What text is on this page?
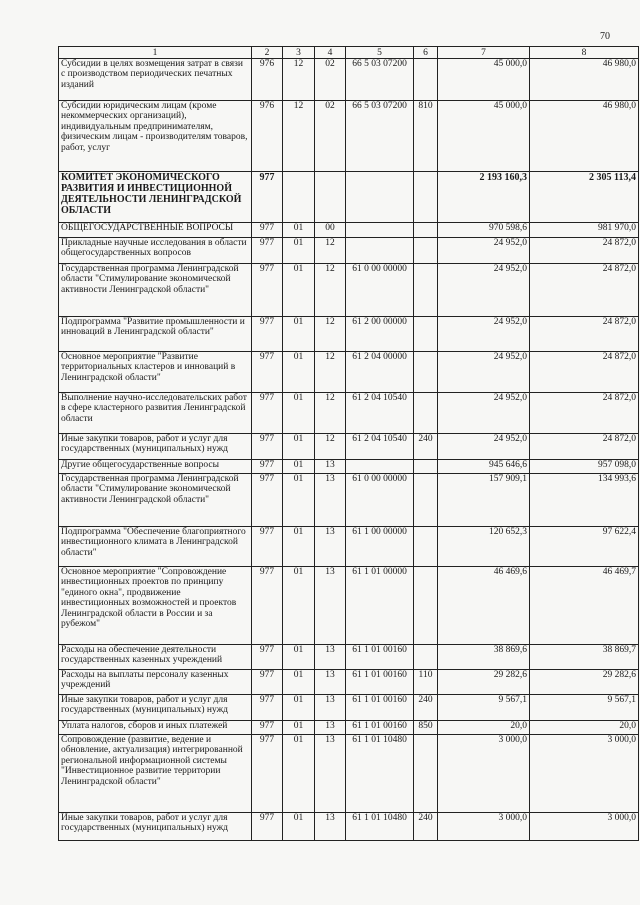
70
1	2	3	4	5	6	7	8
Субсидии в целях возмещения затрат в связи с производством периодических печатных изданий	976	12	02	66 5 03 07200		45 000,0	46 980,0
Субсидии юридическим лицам (кроме некоммерческих организаций), индивидуальным предпринимателям, физическим лицам - производителям товаров, работ, услуг	976	12	02	66 5 03 07200	810	45 000,0	46 980,0
КОМИТЕТ ЭКОНОМИЧЕСКОГО РАЗВИТИЯ И ИНВЕСТИЦИОННОЙ ДЕЯТЕЛЬНОСТИ ЛЕНИНГРАДСКОЙ ОБЛАСТИ	977					2 193 160,3	2 305 113,4
ОБЩЕГОСУДАРСТВЕННЫЕ ВОПРОСЫ	977	01	00			970 598,6	981 970,0
Прикладные научные исследования в области общегосударственных вопросов	977	01	12			24 952,0	24 872,0
Государственная программа Ленинградской области "Стимулирование экономической активности Ленинградской области"	977	01	12	61 0 00 00000		24 952,0	24 872,0
Подпрограмма "Развитие промышленности и инноваций в Ленинградской области"	977	01	12	61 2 00 00000		24 952,0	24 872,0
Основное мероприятие "Развитие территориальных кластеров и инноваций в Ленинградской области"	977	01	12	61 2 04 00000		24 952,0	24 872,0
Выполнение научно-исследовательских работ в сфере кластерного развития Ленинградской области	977	01	12	61 2 04 10540		24 952,0	24 872,0
Иные закупки товаров, работ и услуг для государственных (муниципальных) нужд	977	01	12	61 2 04 10540	240	24 952,0	24 872,0
Другие общегосударственные вопросы	977	01	13			945 646,6	957 098,0
Государственная программа Ленинградской области "Стимулирование экономической активности Ленинградской области"	977	01	13	61 0 00 00000		157 909,1	134 993,6
Подпрограмма "Обеспечение благоприятного инвестиционного климата в Ленинградской области"	977	01	13	61 1 00 00000		120 652,3	97 622,4
Основное мероприятие "Сопровождение инвестиционных проектов по принципу "единого окна", продвижение инвестиционных возможностей и проектов Ленинградской области в России и за рубежом"	977	01	13	61 1 01 00000		46 469,6	46 469,7
Расходы на обеспечение деятельности государственных казенных учреждений	977	01	13	61 1 01 00160		38 869,6	38 869,7
Расходы на выплаты персоналу казенных учреждений	977	01	13	61 1 01 00160	110	29 282,6	29 282,6
Иные закупки товаров, работ и услуг для государственных (муниципальных) нужд	977	01	13	61 1 01 00160	240	9 567,1	9 567,1
Уплата налогов, сборов и иных платежей	977	01	13	61 1 01 00160	850	20,0	20,0
Сопровождение (развитие, ведение и обновление, актуализация) интегрированной региональной информационной системы "Инвестиционное развитие территории Ленинградской области"	977	01	13	61 1 01 10480		3 000,0	3 000,0
Иные закупки товаров, работ и услуг для государственных (муниципальных) нужд	977	01	13	61 1 01 10480	240	3 000,0	3 000,0
